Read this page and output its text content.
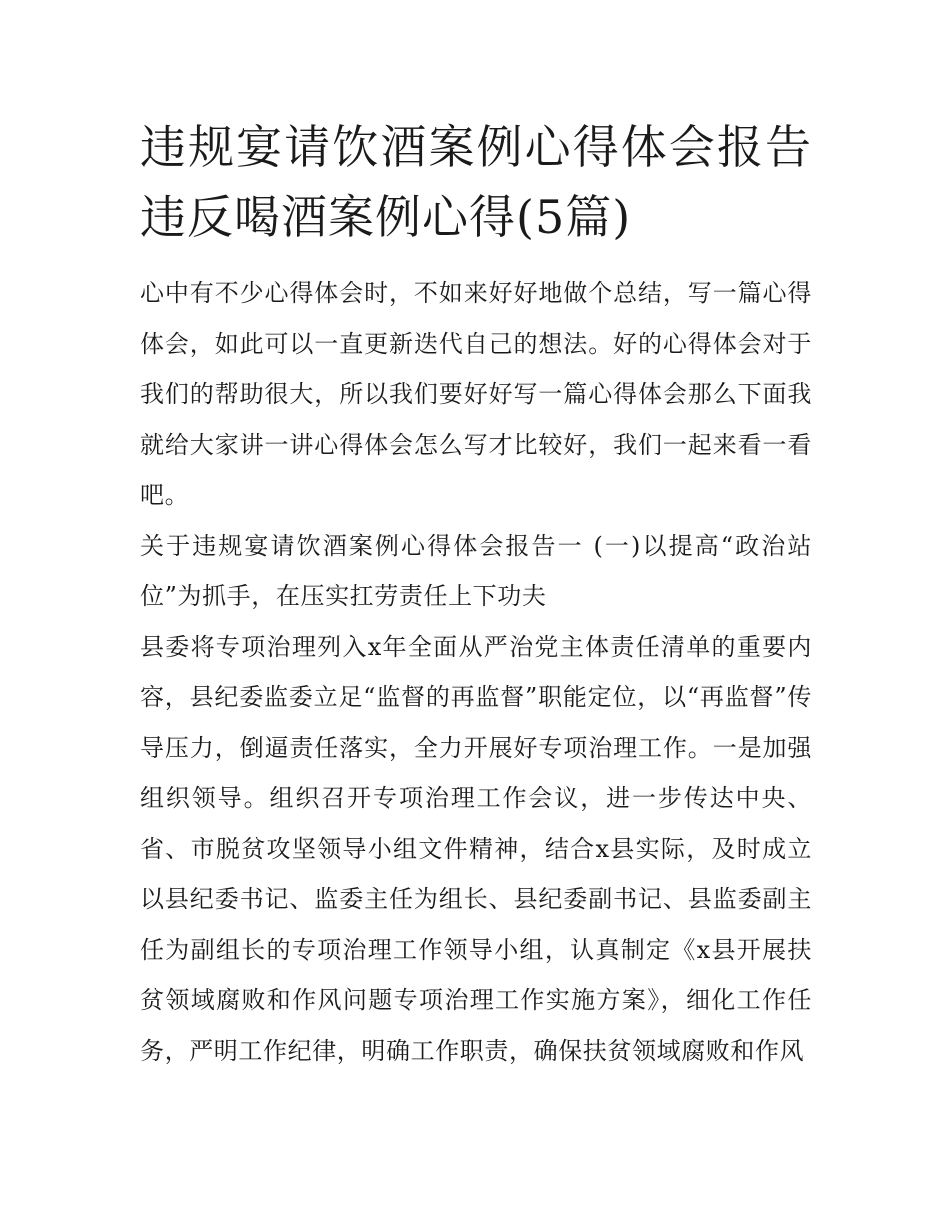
违规宴请饮酒案例心得体会报告 违反喝酒案例心得(5篇)

心中有不少心得体会时，不如来好好地做个总结，写一篇心得体会，如此可以一直更新迭代自己的想法。好的心得体会对于我们的帮助很大，所以我们要好好写一篇心得体会那么下面我就给大家讲一讲心得体会怎么写才比较好，我们一起来看一看吧。

关于违规宴请饮酒案例心得体会报告一 (一)以提高“政治站位”为抓手，在压实扛劳责任上下功夫

县委将专项治理列入x年全面从严治党主体责任清单的重要内容，县纪委监委立足“监督的再监督”职能定位，以“再监督”传导压力，倒逼责任落实，全力开展好专项治理工作。一是加强组织领导。组织召开专项治理工作会议，进一步传达中央、省、市脱贫攻坚领导小组文件精神，结合x县实际，及时成立以县纪委书记、监委主任为组长、县纪委副书记、县监委副主任为副组长的专项治理工作领导小组，认真制定《x县开展扶贫领域腐败和作风问题专项治理工作实施方案》，细化工作任务，严明工作纪律，明确工作职责，确保扶贫领域腐败和作风
